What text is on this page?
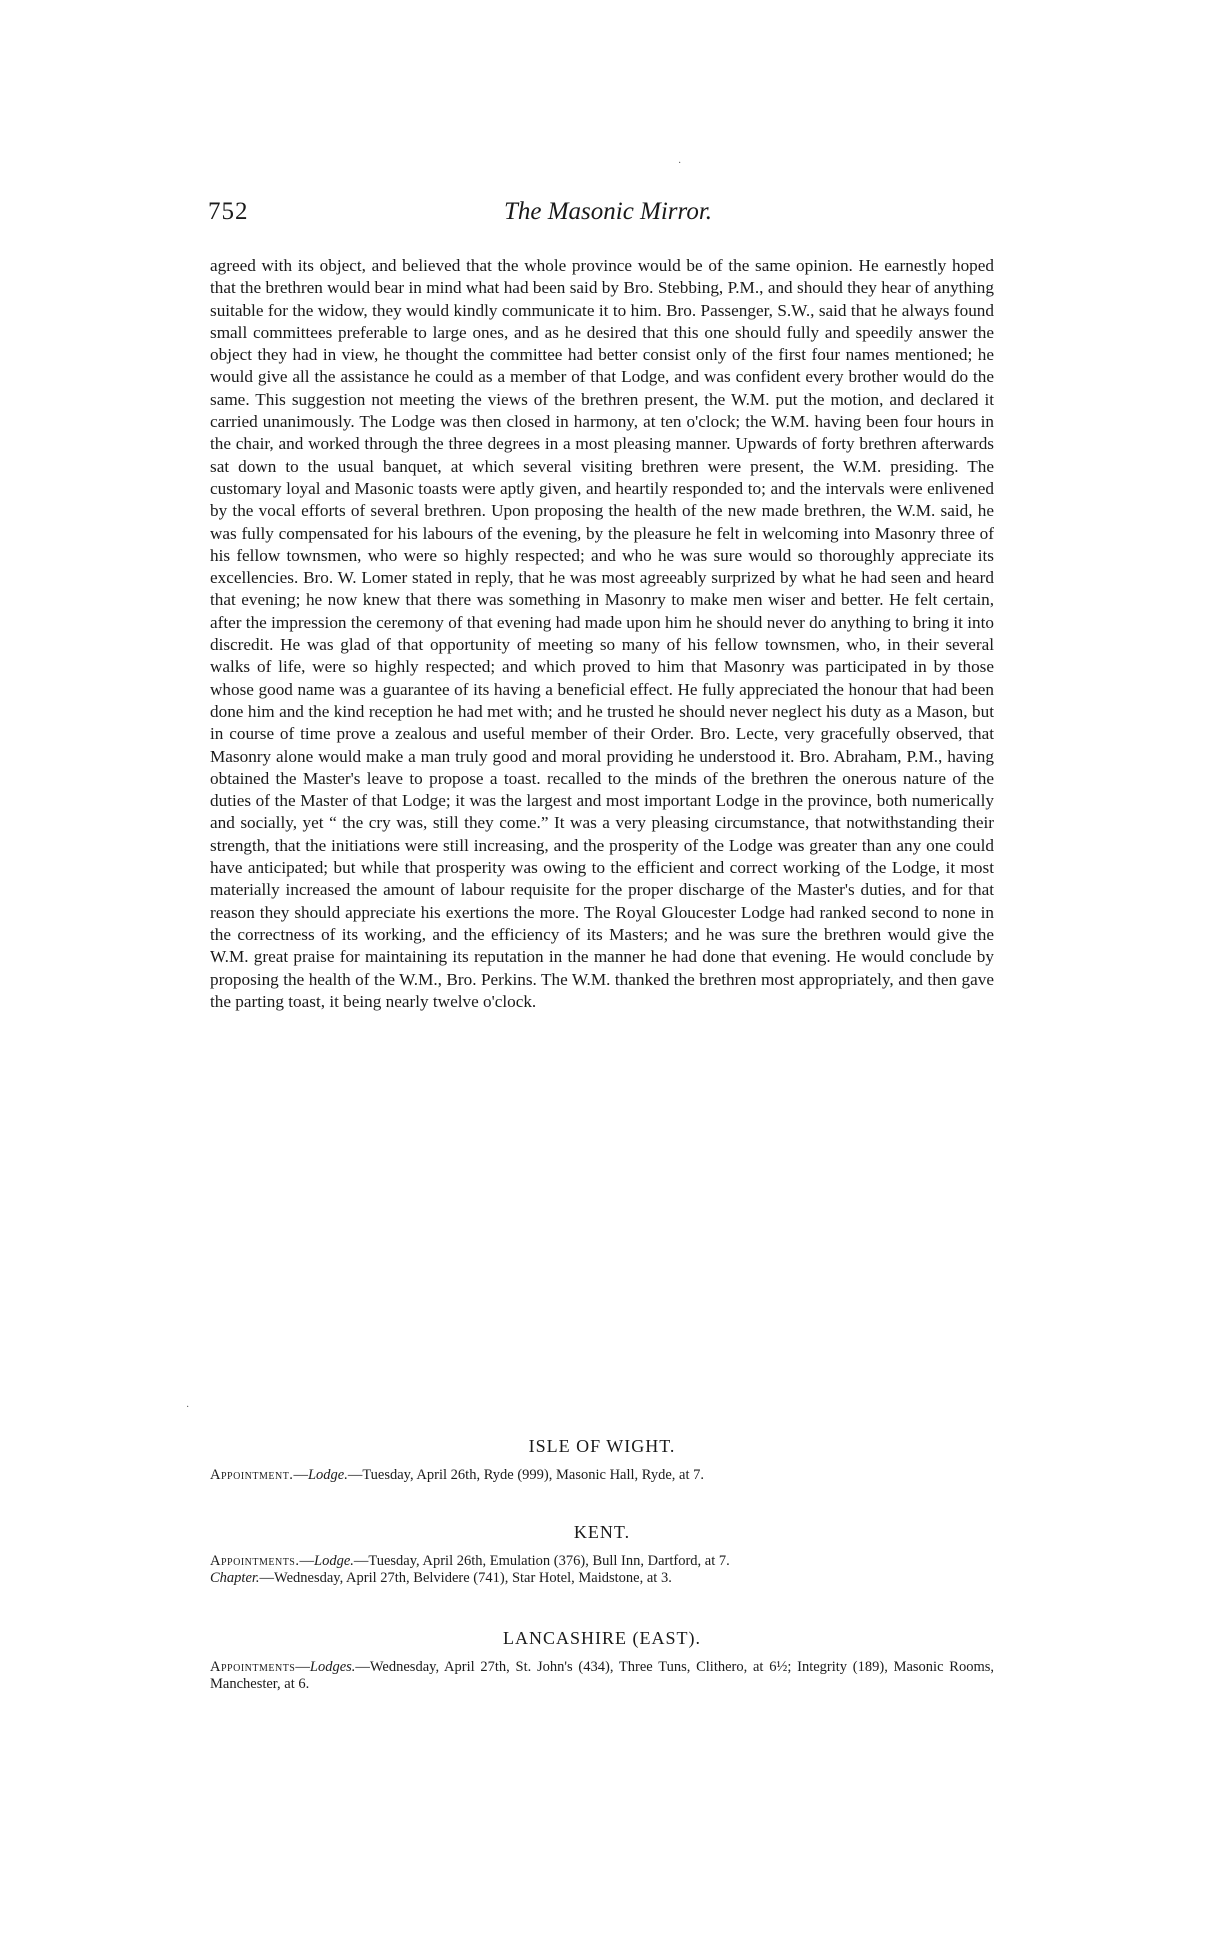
752	The Masonic Mirror.

agreed with its object, and believed that the whole province would be of the same opinion. He earnestly hoped that the brethren would bear in mind what had been said by Bro. Stebbing, P.M., and should they hear of anything suitable for the widow, they would kindly communicate it to him. Bro. Passenger, S.W., said that he always found small committees preferable to large ones, and as he desired that this one should fully and speedily answer the object they had in view, he thought the committee had better consist only of the first four names mentioned; he would give all the assistance he could as a member of that Lodge, and was confident every brother would do the same. This suggestion not meeting the views of the brethren present, the W.M. put the motion, and declared it carried unanimously. The Lodge was then closed in harmony, at ten o'clock; the W.M. having been four hours in the chair, and worked through the three degrees in a most pleasing manner. Upwards of forty brethren afterwards sat down to the usual banquet, at which several visiting brethren were present, the W.M. presiding. The customary loyal and Masonic toasts were aptly given, and heartily responded to; and the intervals were enlivened by the vocal efforts of several brethren. Upon proposing the health of the new made brethren, the W.M. said, he was fully compensated for his labours of the evening, by the pleasure he felt in welcoming into Masonry three of his fellow townsmen, who were so highly respected; and who he was sure would so thoroughly appreciate its excellencies. Bro. W. Lomer stated in reply, that he was most agreeably surprized by what he had seen and heard that evening; he now knew that there was something in Masonry to make men wiser and better. He felt certain, after the impression the ceremony of that evening had made upon him he should never do anything to bring it into discredit. He was glad of that opportunity of meeting so many of his fellow townsmen, who, in their several walks of life, were so highly respected; and which proved to him that Masonry was participated in by those whose good name was a guarantee of its having a beneficial effect. He fully appreciated the honour that had been done him and the kind reception he had met with; and he trusted he should never neglect his duty as a Mason, but in course of time prove a zealous and useful member of their Order. Bro. Lecte, very gracefully observed, that Masonry alone would make a man truly good and moral providing he understood it. Bro. Abraham, P.M., having obtained the Master's leave to propose a toast. recalled to the minds of the brethren the onerous nature of the duties of the Master of that Lodge; it was the largest and most important Lodge in the province, both numerically and socially, yet “ the cry was, still they come.” It was a very pleasing circumstance, that notwithstanding their strength, that the initiations were still increasing, and the prosperity of the Lodge was greater than any one could have anticipated; but while that prosperity was owing to the efficient and correct working of the Lodge, it most materially increased the amount of labour requisite for the proper discharge of the Master's duties, and for that reason they should appreciate his exertions the more. The Royal Gloucester Lodge had ranked second to none in the correctness of its working, and the efficiency of its Masters; and he was sure the brethren would give the W.M. great praise for maintaining its reputation in the manner he had done that evening. He would conclude by proposing the health of the W.M., Bro. Perkins. The W.M. thanked the brethren most appropriately, and then gave the parting toast, it being nearly twelve o'clock.

ISLE OF WIGHT.

Appointment.—Lodge.—Tuesday, April 26th, Ryde (999), Masonic Hall, Ryde, at 7.

KENT.

Appointments.—Lodge.—Tuesday, April 26th, Emulation (376), Bull Inn, Dartford, at 7.

Chapter.—Wednesday, April 27th, Belvidere (741), Star Hotel, Maidstone, at 3.

LANCASHIRE (EAST).

Appointments—Lodges.—Wednesday, April 27th, St. John's (434), Three Tuns, Clithero, at 6½; Integrity (189), Masonic Rooms, Manchester, at 6.

·
·
